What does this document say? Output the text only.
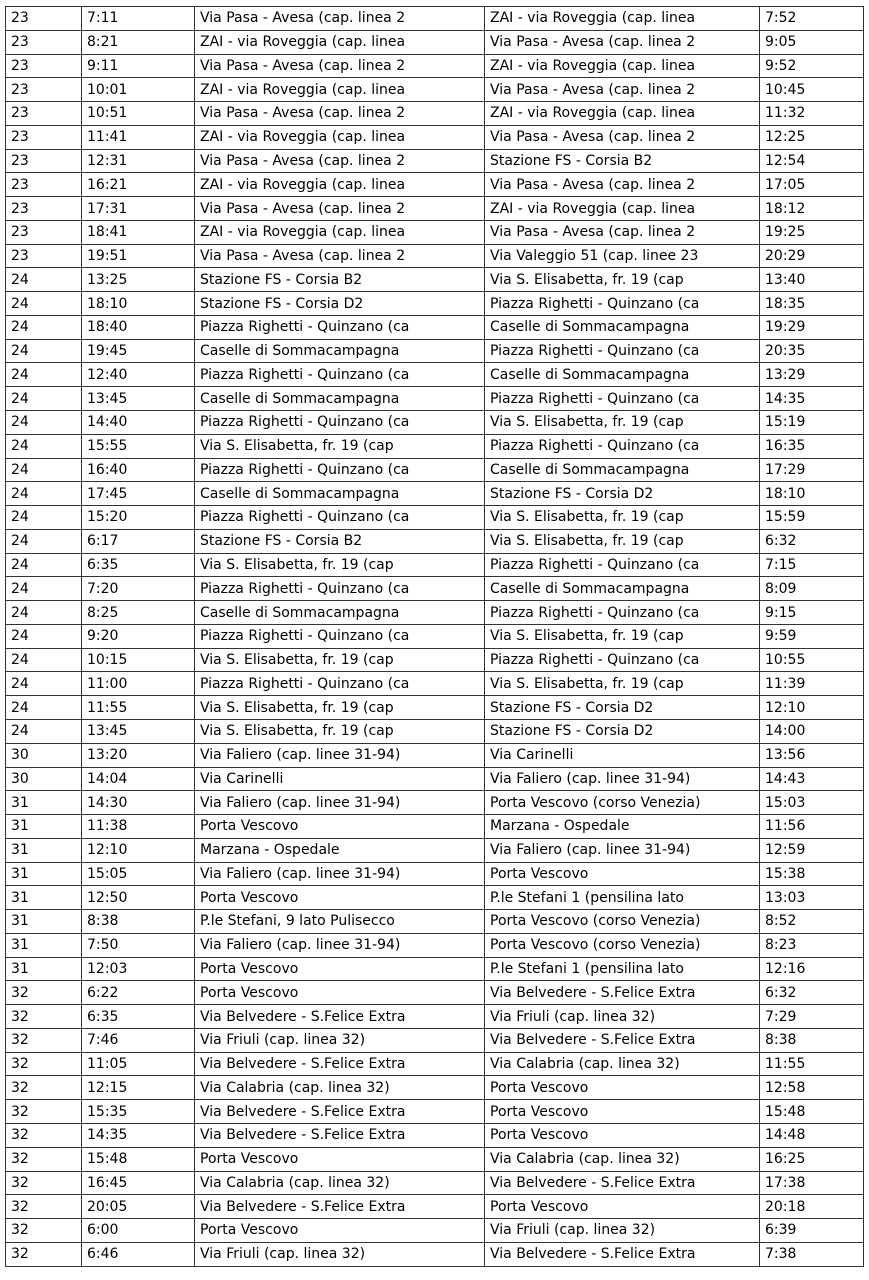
23	7:11	Via Pasa - Avesa (cap. linea 2	ZAI - via Roveggia (cap. linea	7:52
23	8:21	ZAI - via Roveggia (cap. linea	Via Pasa - Avesa (cap. linea 2	9:05
23	9:11	Via Pasa - Avesa (cap. linea 2	ZAI - via Roveggia (cap. linea	9:52
23	10:01	ZAI - via Roveggia (cap. linea	Via Pasa - Avesa (cap. linea 2	10:45
23	10:51	Via Pasa - Avesa (cap. linea 2	ZAI - via Roveggia (cap. linea	11:32
23	11:41	ZAI - via Roveggia (cap. linea	Via Pasa - Avesa (cap. linea 2	12:25
23	12:31	Via Pasa - Avesa (cap. linea 2	Stazione FS - Corsia B2	12:54
23	16:21	ZAI - via Roveggia (cap. linea	Via Pasa - Avesa (cap. linea 2	17:05
23	17:31	Via Pasa - Avesa (cap. linea 2	ZAI - via Roveggia (cap. linea	18:12
23	18:41	ZAI - via Roveggia (cap. linea	Via Pasa - Avesa (cap. linea 2	19:25
23	19:51	Via Pasa - Avesa (cap. linea 2	Via Valeggio 51 (cap. linee 23	20:29
24	13:25	Stazione FS - Corsia B2	Via S. Elisabetta, fr. 19 (cap	13:40
24	18:10	Stazione FS - Corsia D2	Piazza Righetti - Quinzano (ca	18:35
24	18:40	Piazza Righetti - Quinzano (ca	Caselle di Sommacampagna	19:29
24	19:45	Caselle di Sommacampagna	Piazza Righetti - Quinzano (ca	20:35
24	12:40	Piazza Righetti - Quinzano (ca	Caselle di Sommacampagna	13:29
24	13:45	Caselle di Sommacampagna	Piazza Righetti - Quinzano (ca	14:35
24	14:40	Piazza Righetti - Quinzano (ca	Via S. Elisabetta, fr. 19 (cap	15:19
24	15:55	Via S. Elisabetta, fr. 19 (cap	Piazza Righetti - Quinzano (ca	16:35
24	16:40	Piazza Righetti - Quinzano (ca	Caselle di Sommacampagna	17:29
24	17:45	Caselle di Sommacampagna	Stazione FS - Corsia D2	18:10
24	15:20	Piazza Righetti - Quinzano (ca	Via S. Elisabetta, fr. 19 (cap	15:59
24	6:17	Stazione FS - Corsia B2	Via S. Elisabetta, fr. 19 (cap	6:32
24	6:35	Via S. Elisabetta, fr. 19 (cap	Piazza Righetti - Quinzano (ca	7:15
24	7:20	Piazza Righetti - Quinzano (ca	Caselle di Sommacampagna	8:09
24	8:25	Caselle di Sommacampagna	Piazza Righetti - Quinzano (ca	9:15
24	9:20	Piazza Righetti - Quinzano (ca	Via S. Elisabetta, fr. 19 (cap	9:59
24	10:15	Via S. Elisabetta, fr. 19 (cap	Piazza Righetti - Quinzano (ca	10:55
24	11:00	Piazza Righetti - Quinzano (ca	Via S. Elisabetta, fr. 19 (cap	11:39
24	11:55	Via S. Elisabetta, fr. 19 (cap	Stazione FS - Corsia D2	12:10
24	13:45	Via S. Elisabetta, fr. 19 (cap	Stazione FS - Corsia D2	14:00
30	13:20	Via Faliero (cap. linee 31-94)	Via Carinelli	13:56
30	14:04	Via Carinelli	Via Faliero (cap. linee 31-94)	14:43
31	14:30	Via Faliero (cap. linee 31-94)	Porta Vescovo (corso Venezia)	15:03
31	11:38	Porta Vescovo	Marzana - Ospedale	11:56
31	12:10	Marzana - Ospedale	Via Faliero (cap. linee 31-94)	12:59
31	15:05	Via Faliero (cap. linee 31-94)	Porta Vescovo	15:38
31	12:50	Porta Vescovo	P.le Stefani 1 (pensilina lato	13:03
31	8:38	P.le Stefani, 9 lato Pulisecco	Porta Vescovo (corso Venezia)	8:52
31	7:50	Via Faliero (cap. linee 31-94)	Porta Vescovo (corso Venezia)	8:23
31	12:03	Porta Vescovo	P.le Stefani 1 (pensilina lato	12:16
32	6:22	Porta Vescovo	Via Belvedere - S.Felice Extra	6:32
32	6:35	Via Belvedere - S.Felice Extra	Via Friuli (cap. linea 32)	7:29
32	7:46	Via Friuli (cap. linea 32)	Via Belvedere - S.Felice Extra	8:38
32	11:05	Via Belvedere - S.Felice Extra	Via Calabria (cap. linea 32)	11:55
32	12:15	Via Calabria (cap. linea 32)	Porta Vescovo	12:58
32	15:35	Via Belvedere - S.Felice Extra	Porta Vescovo	15:48
32	14:35	Via Belvedere - S.Felice Extra	Porta Vescovo	14:48
32	15:48	Porta Vescovo	Via Calabria (cap. linea 32)	16:25
32	16:45	Via Calabria (cap. linea 32)	Via Belvedere - S.Felice Extra	17:38
32	20:05	Via Belvedere - S.Felice Extra	Porta Vescovo	20:18
32	6:00	Porta Vescovo	Via Friuli (cap. linea 32)	6:39
32	6:46	Via Friuli (cap. linea 32)	Via Belvedere - S.Felice Extra	7:38
